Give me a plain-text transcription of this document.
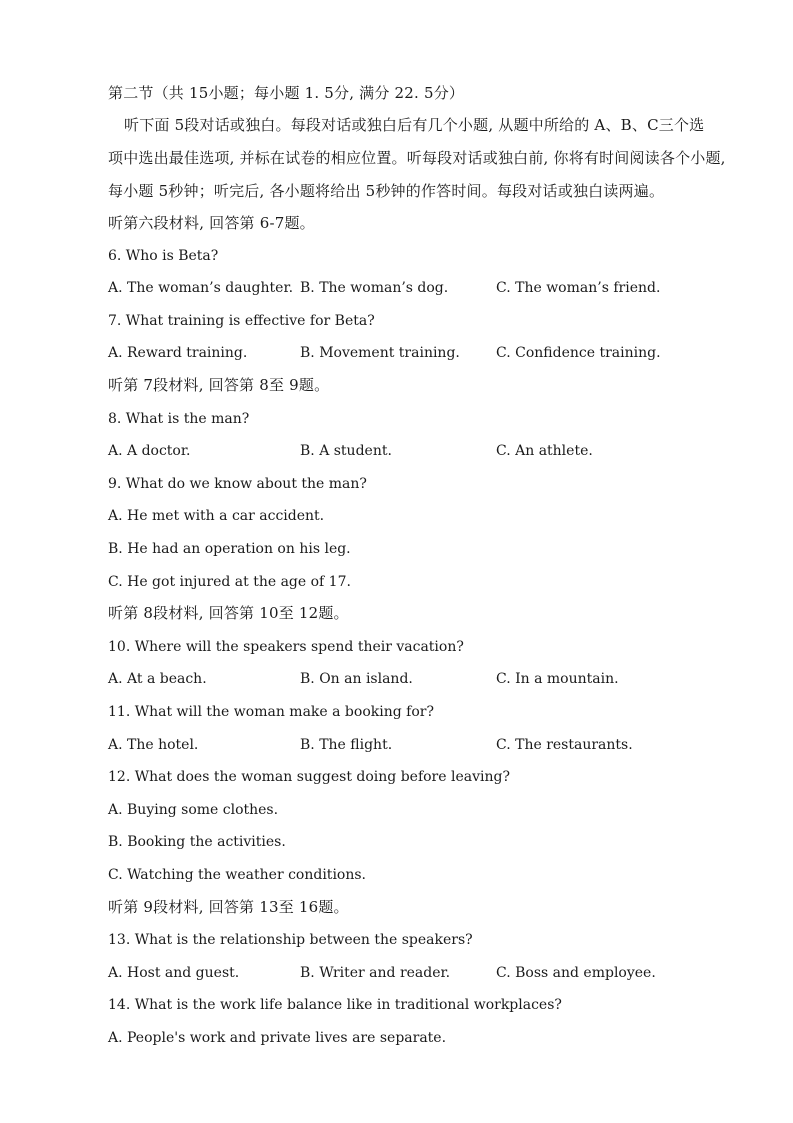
第二节（共 15小题；每小题 1. 5分, 满分 22. 5分）
听下面 5段对话或独白。每段对话或独白后有几个小题, 从题中所给的 A、B、C三个选
项中选出最佳选项, 并标在试卷的相应位置。听每段对话或独白前, 你将有时间阅读各个小题,
每小题 5秒钟；听完后, 各小题将给出 5秒钟的作答时间。每段对话或独白读两遍。
听第六段材料, 回答第 6-7题。
6. Who is Beta?
A. The woman’s daughter. B. The woman’s dog.	C. The woman’s friend.
7. What training is effective for Beta?
A. Reward training.	B. Movement training.	C. Confidence training.
听第 7段材料, 回答第 8至 9题。
8. What is the man?
A. A doctor.	B. A student.	C. An athlete.
9. What do we know about the man?
A. He met with a car accident.
B. He had an operation on his leg.
C. He got injured at the age of 17.
听第 8段材料, 回答第 10至 12题。
10. Where will the speakers spend their vacation?
A. At a beach.	B. On an island.	C. In a mountain.
11. What will the woman make a booking for?
A. The hotel.	B. The flight.	C. The restaurants.
12. What does the woman suggest doing before leaving?
A. Buying some clothes.
B. Booking the activities.
C. Watching the weather conditions.
听第 9段材料, 回答第 13至 16题。
13. What is the relationship between the speakers?
A. Host and guest.	B. Writer and reader.	C. Boss and employee.
14. What is the work life balance like in traditional workplaces?
A. People's work and private lives are separate.
